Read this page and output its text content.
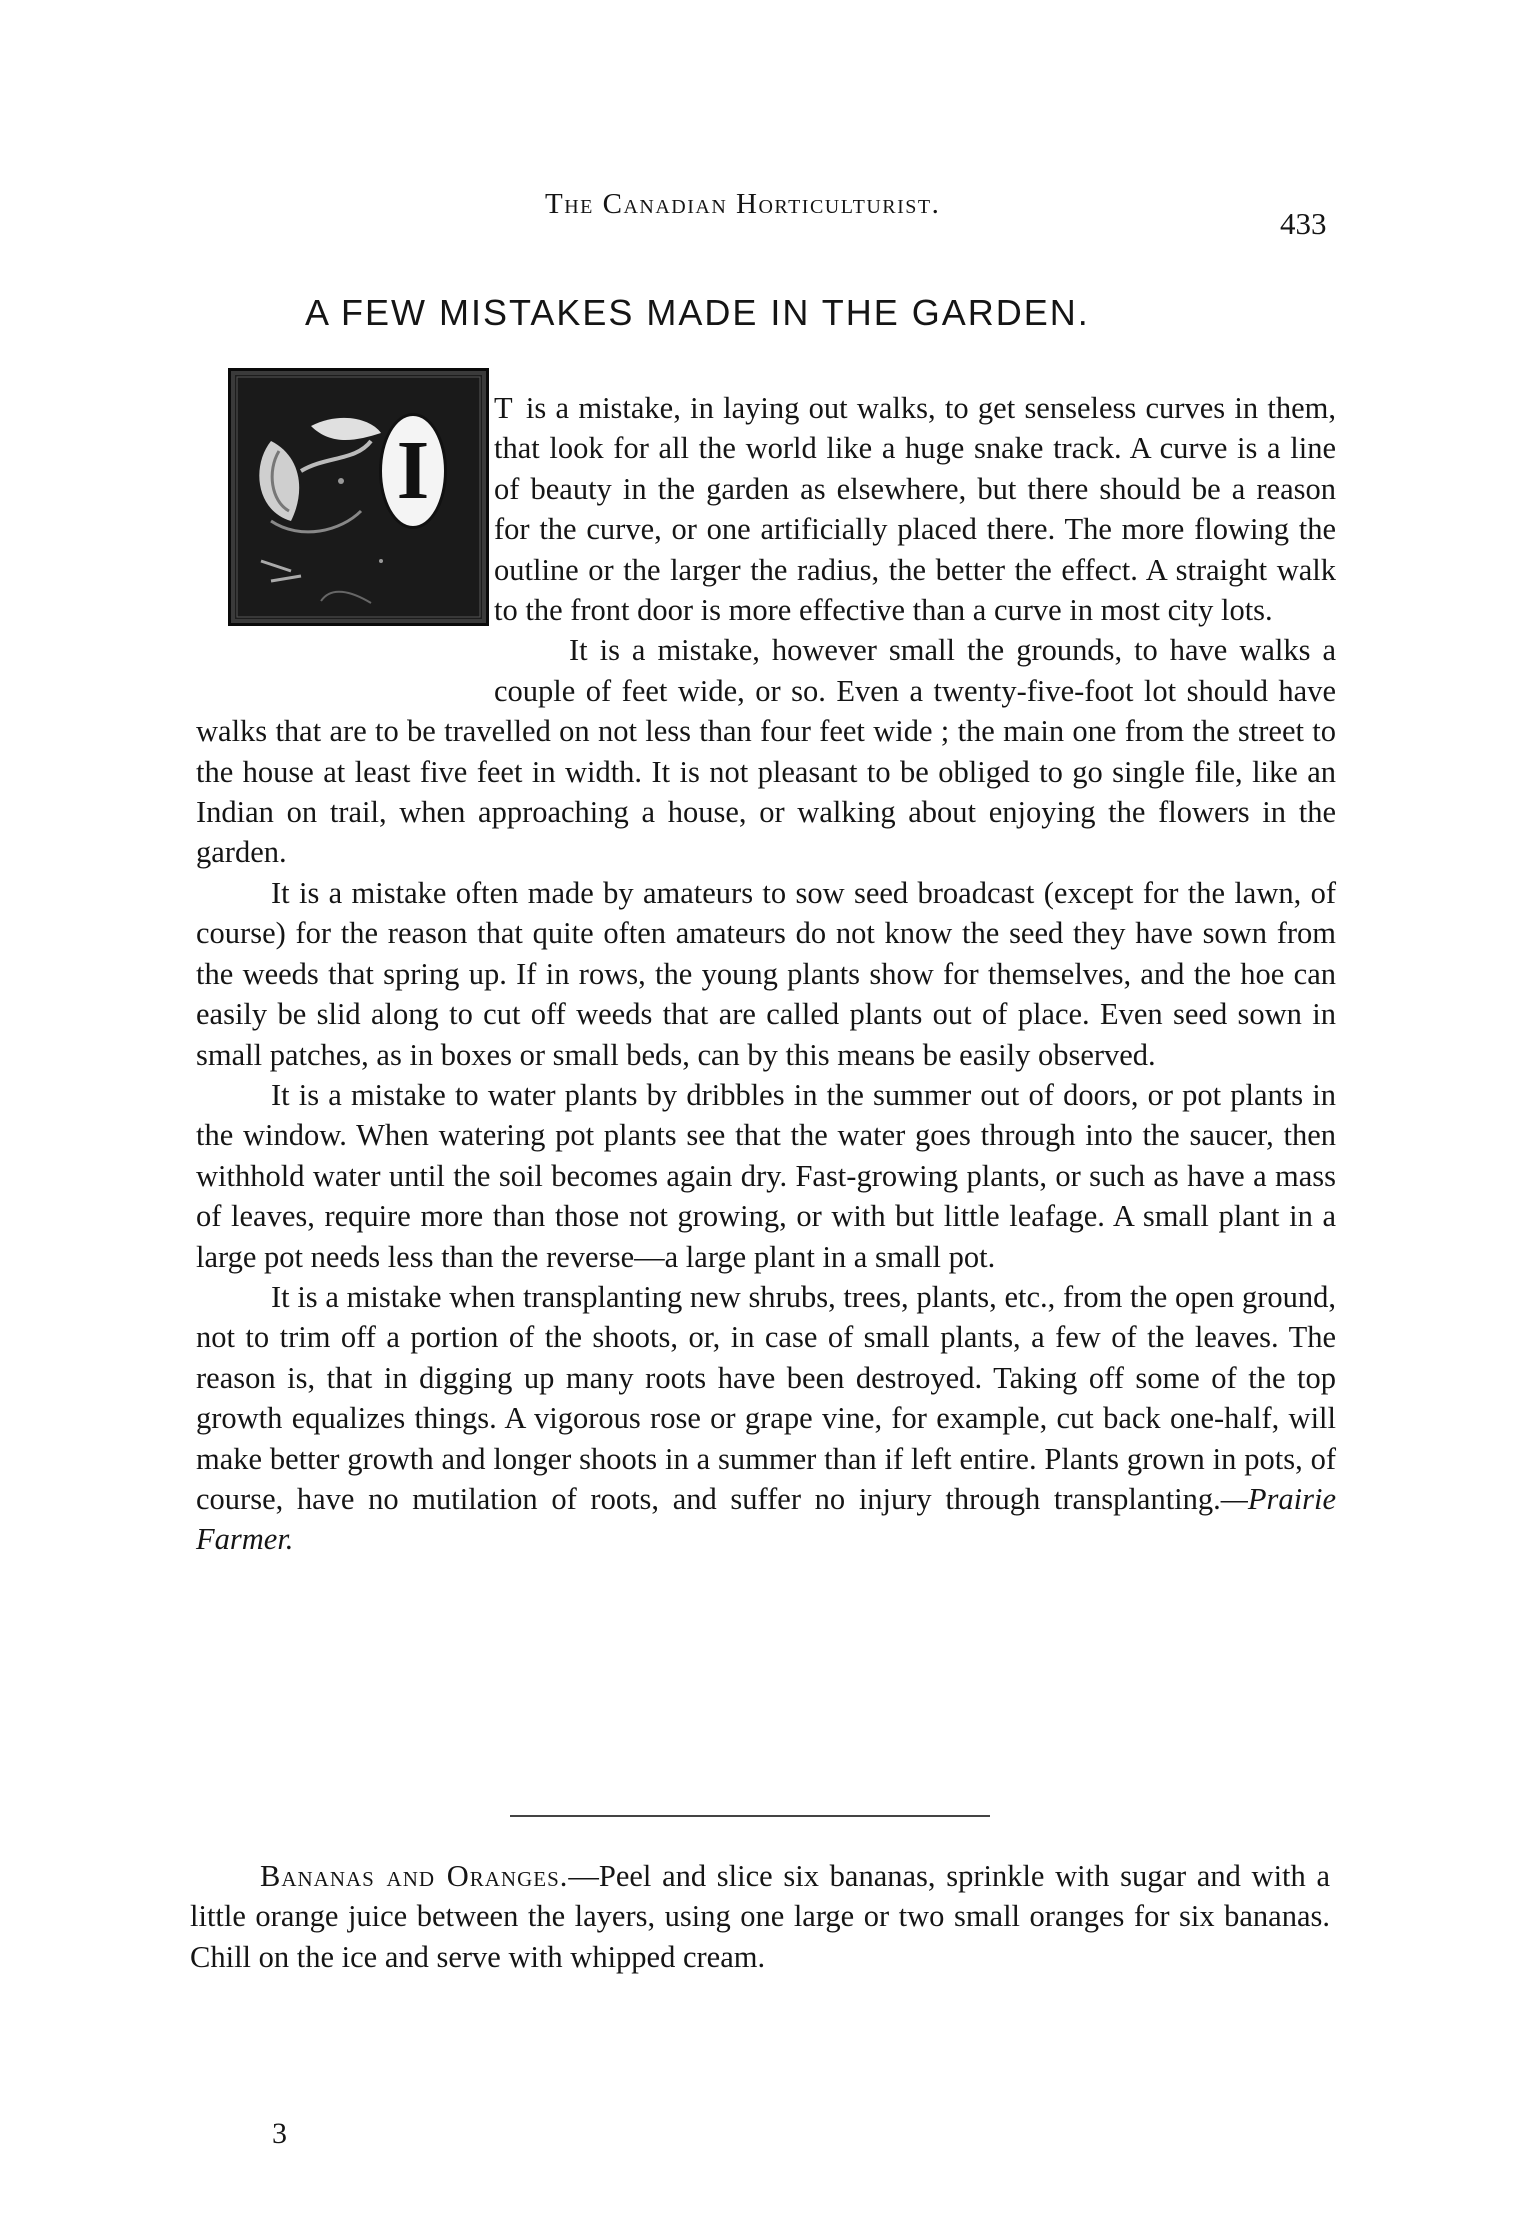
The Canadian Horticulturist.
433
A FEW MISTAKES MADE IN THE GARDEN.
I

T is a mistake, in laying out walks, to get senseless curves in them, that look for all the world like a huge snake track. A curve is a line of beauty in the garden as elsewhere, but there should be a reason for the curve, or one artificially placed there. The more flowing the outline or the larger the radius, the better the effect. A straight walk to the front door is more effective than a curve in most city lots.

It is a mistake, however small the grounds, to have walks a couple of feet wide, or so. Even a twenty-five-foot lot should have walks that are to be travelled on not less than four feet wide ; the main one from the street to the house at least five feet in width. It is not pleasant to be obliged to go single file, like an Indian on trail, when approaching a house, or walking about enjoying the flowers in the garden.

It is a mistake often made by amateurs to sow seed broadcast (except for the lawn, of course) for the reason that quite often amateurs do not know the seed they have sown from the weeds that spring up. If in rows, the young plants show for themselves, and the hoe can easily be slid along to cut off weeds that are called plants out of place. Even seed sown in small patches, as in boxes or small beds, can by this means be easily observed.

It is a mistake to water plants by dribbles in the summer out of doors, or pot plants in the window. When watering pot plants see that the water goes through into the saucer, then withhold water until the soil becomes again dry. Fast-growing plants, or such as have a mass of leaves, require more than those not growing, or with but little leafage. A small plant in a large pot needs less than the reverse—a large plant in a small pot.

It is a mistake when transplanting new shrubs, trees, plants, etc., from the open ground, not to trim off a portion of the shoots, or, in case of small plants, a few of the leaves. The reason is, that in digging up many roots have been destroyed. Taking off some of the top growth equalizes things. A vigorous rose or grape vine, for example, cut back one-half, will make better growth and longer shoots in a summer than if left entire. Plants grown in pots, of course, have no mutilation of roots, and suffer no injury through transplanting.—Prairie Farmer.

Bananas and Oranges.—Peel and slice six bananas, sprinkle with sugar and with a little orange juice between the layers, using one large or two small oranges for six bananas. Chill on the ice and serve with whipped cream.

3
